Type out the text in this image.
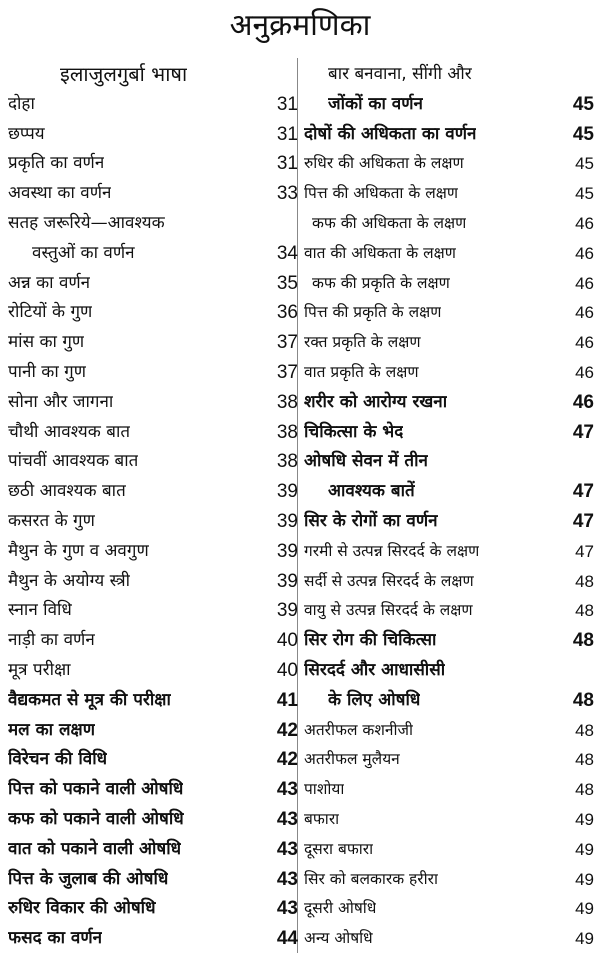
अनुक्रमणिका
इलाजुलगुर्बा भाषा
दोहा	31
छप्पय	31
प्रकृति का वर्णन	31
अवस्था का वर्णन	33
सतह जरूरिये—आवश्यक
वस्तुओं का वर्णन	34
अन्न का वर्णन	35
रोटियों के गुण	36
मांस का गुण	37
पानी का गुण	37
सोना और जागना	38
चौथी आवश्यक बात	38
पांचवीं आवश्यक बात	38
छठी आवश्यक बात	39
कसरत के गुण	39
मैथुन के गुण व अवगुण	39
मैथुन के अयोग्य स्त्री	39
स्नान विधि	39
नाड़ी का वर्णन	40
मूत्र परीक्षा	40
वैद्यकमत से मूत्र की परीक्षा	41
मल का लक्षण	42
विरेचन की विधि	42
पित्त को पकाने वाली ओषधि	43
कफ को पकाने वाली ओषधि	43
वात को पकाने वाली ओषधि	43
पित्त के जुलाब की ओषधि	43
रुधिर विकार की ओषधि	43
फसद का वर्णन	44
बार बनवाना, सींगी और
जोंकों का वर्णन	45
दोषों की अधिकता का वर्णन	45
रुधिर की अधिकता के लक्षण	45
पित्त की अधिकता के लक्षण	45
कफ की अधिकता के लक्षण	46
वात की अधिकता के लक्षण	46
कफ की प्रकृति के लक्षण	46
पित्त की प्रकृति के लक्षण	46
रक्त प्रकृति के लक्षण	46
वात प्रकृति के लक्षण	46
शरीर को आरोग्य रखना	46
चिकित्सा के भेद	47
ओषधि सेवन में तीन
आवश्यक बातें	47
सिर के रोगों का वर्णन	47
गरमी से उत्पन्न सिरदर्द के लक्षण	47
सर्दी से उत्पन्न सिरदर्द के लक्षण	48
वायु से उत्पन्न सिरदर्द के लक्षण	48
सिर रोग की चिकित्सा	48
सिरदर्द और आधासीसी
के लिए ओषधि	48
अतरीफल कशनीजी	48
अतरीफल मुलैयन	48
पाशोया	48
बफारा	49
दूसरा बफारा	49
सिर को बलकारक हरीरा	49
दूसरी ओषधि	49
अन्य ओषधि	49
